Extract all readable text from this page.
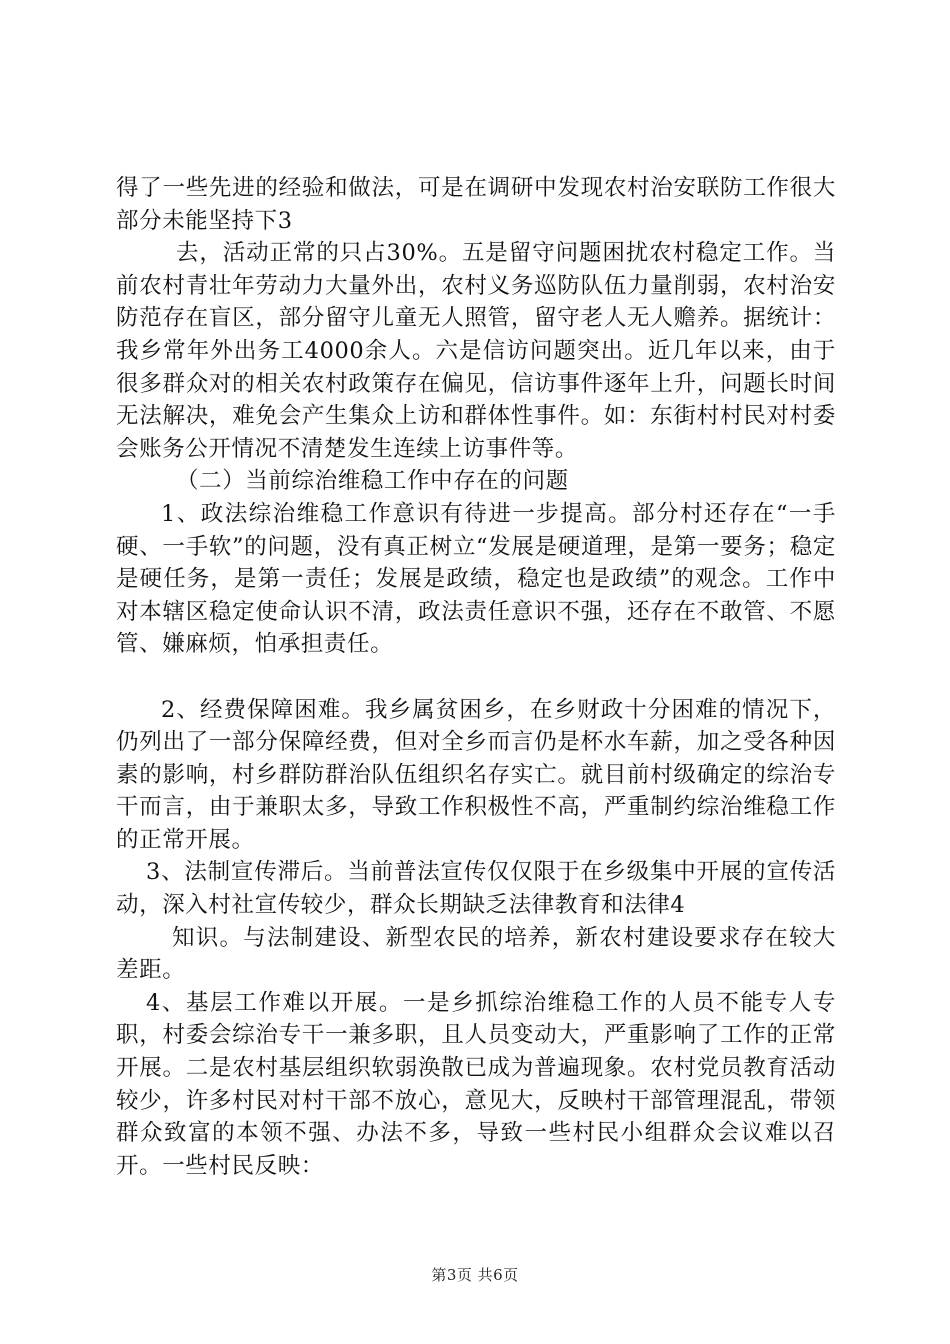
得了一些先进的经验和做法，可是在调研中发现农村治安联防工作很大部分未能坚持下3

去，活动正常的只占30%。五是留守问题困扰农村稳定工作。当前农村青壮年劳动力大量外出，农村义务巡防队伍力量削弱，农村治安防范存在盲区，部分留守儿童无人照管，留守老人无人赡养。据统计：我乡常年外出务工4000余人。六是信访问题突出。近几年以来，由于很多群众对的相关农村政策存在偏见，信访事件逐年上升，问题长时间无法解决，难免会产生集众上访和群体性事件。如：东街村村民对村委会账务公开情况不清楚发生连续上访事件等。

（二）当前综治维稳工作中存在的问题

1、政法综治维稳工作意识有待进一步提高。部分村还存在“一手硬、一手软”的问题，没有真正树立“发展是硬道理，是第一要务；稳定是硬任务，是第一责任；发展是政绩，稳定也是政绩”的观念。工作中对本辖区稳定使命认识不清，政法责任意识不强，还存在不敢管、不愿管、嫌麻烦，怕承担责任。

2、经费保障困难。我乡属贫困乡，在乡财政十分困难的情况下，仍列出了一部分保障经费，但对全乡而言仍是杯水车薪，加之受各种因素的影响，村乡群防群治队伍组织名存实亡。就目前村级确定的综治专干而言，由于兼职太多，导致工作积极性不高，严重制约综治维稳工作的正常开展。

3、法制宣传滞后。当前普法宣传仅仅限于在乡级集中开展的宣传活动，深入村社宣传较少，群众长期缺乏法律教育和法律4

知识。与法制建设、新型农民的培养，新农村建设要求存在较大差距。

4、基层工作难以开展。一是乡抓综治维稳工作的人员不能专人专职，村委会综治专干一兼多职，且人员变动大，严重影响了工作的正常开展。二是农村基层组织软弱涣散已成为普遍现象。农村党员教育活动较少，许多村民对村干部不放心，意见大，反映村干部管理混乱，带领群众致富的本领不强、办法不多，导致一些村民小组群众会议难以召开。一些村民反映：

第3页 共6页
